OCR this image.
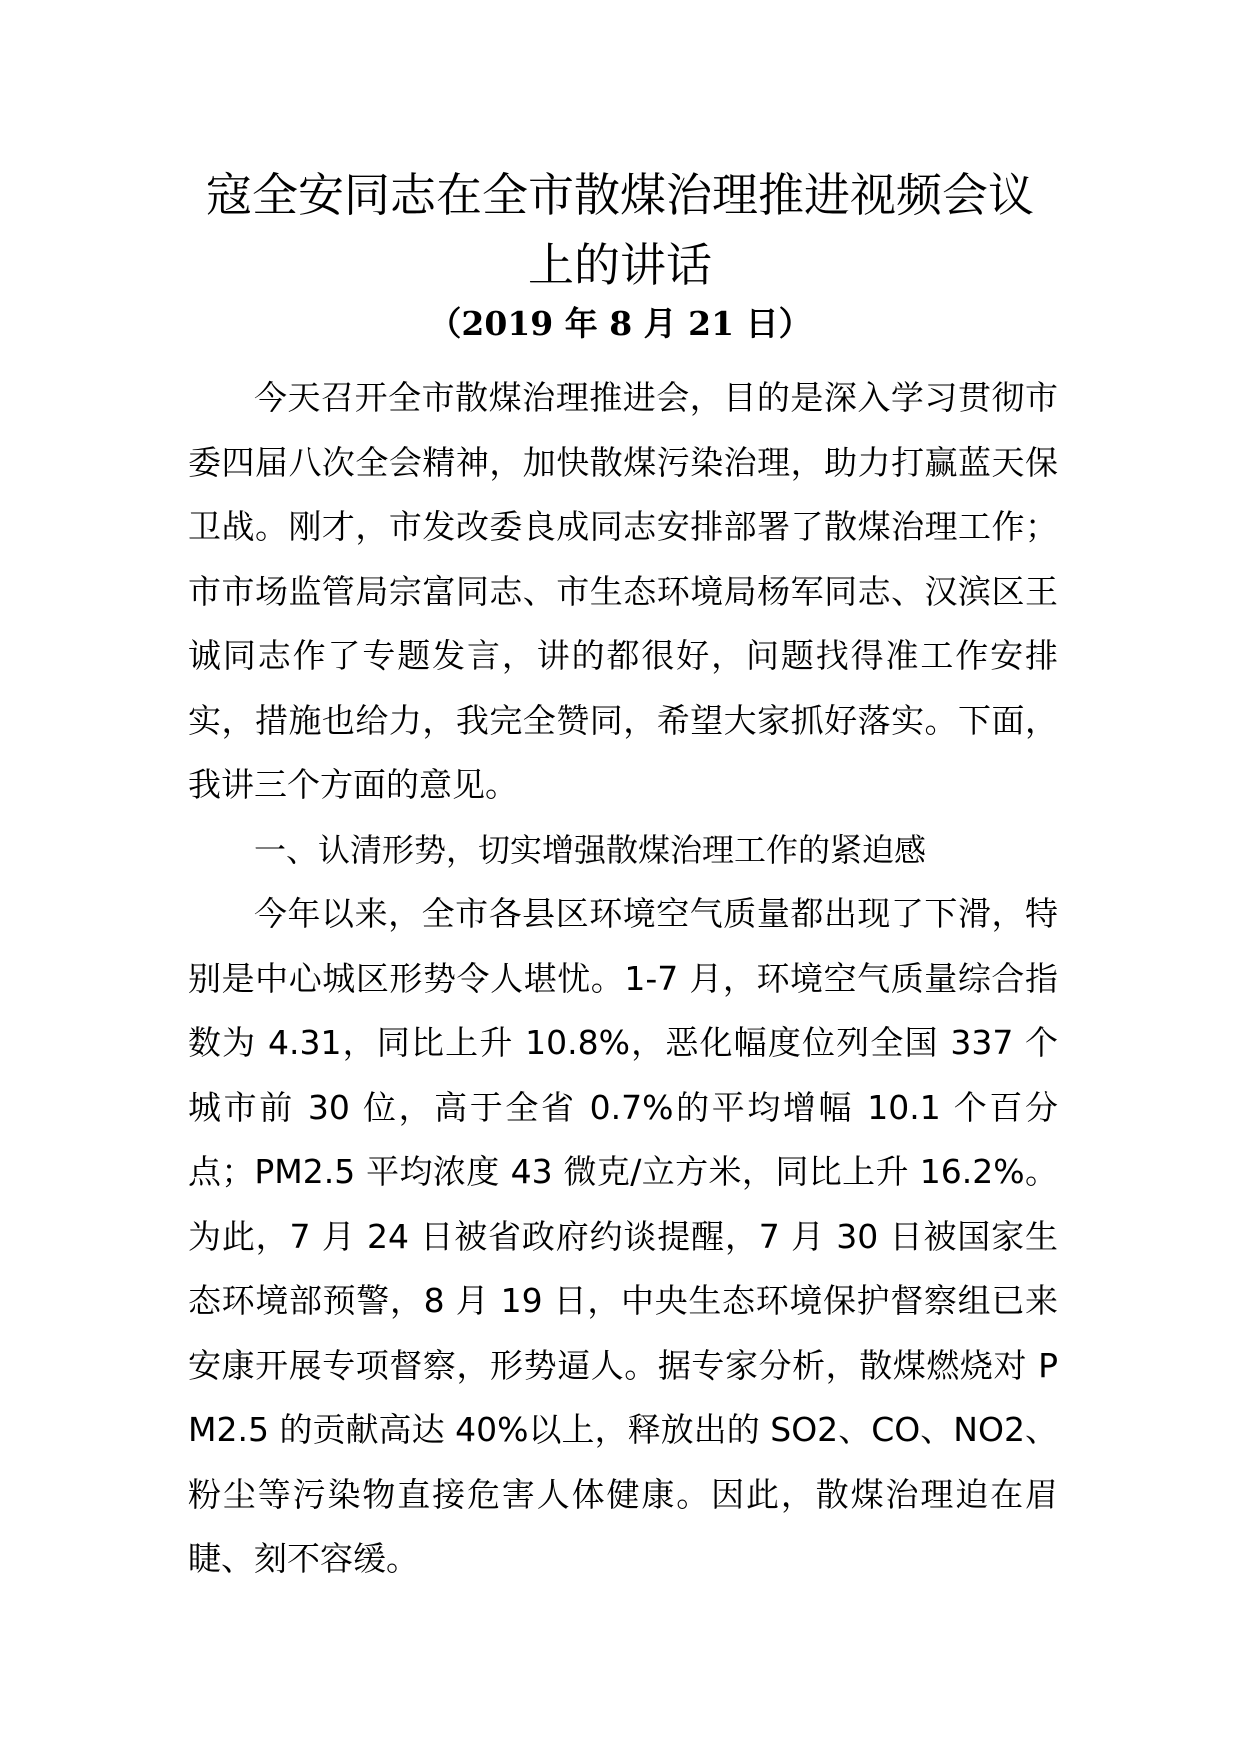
寇全安同志在全市散煤治理推进视频会议
上的讲话
（2019 年 8 月 21 日）

今天召开全市散煤治理推进会，目的是深入学习贯彻市委四届八次全会精神，加快散煤污染治理，助力打赢蓝天保卫战。刚才，市发改委良成同志安排部署了散煤治理工作；市市场监管局宗富同志、市生态环境局杨军同志、汉滨区王诚同志作了专题发言，讲的都很好，问题找得准工作安排实，措施也给力，我完全赞同，希望大家抓好落实。下面，我讲三个方面的意见。

一、认清形势，切实增强散煤治理工作的紧迫感

今年以来，全市各县区环境空气质量都出现了下滑，特别是中心城区形势令人堪忧。1-7 月，环境空气质量综合指数为 4.31，同比上升 10.8%，恶化幅度位列全国 337 个城市前 30 位，高于全省 0.7%的平均增幅 10.1 个百分点；PM2.5 平均浓度 43 微克/立方米，同比上升 16.2%。为此，7 月 24 日被省政府约谈提醒，7 月 30 日被国家生态环境部预警，8 月 19 日，中央生态环境保护督察组已来安康开展专项督察，形势逼人。据专家分析，散煤燃烧对 PM2.5 的贡献高达 40%以上，释放出的 SO2、CO、NO2、粉尘等污染物直接危害人体健康。因此，散煤治理迫在眉睫、刻不容缓。
